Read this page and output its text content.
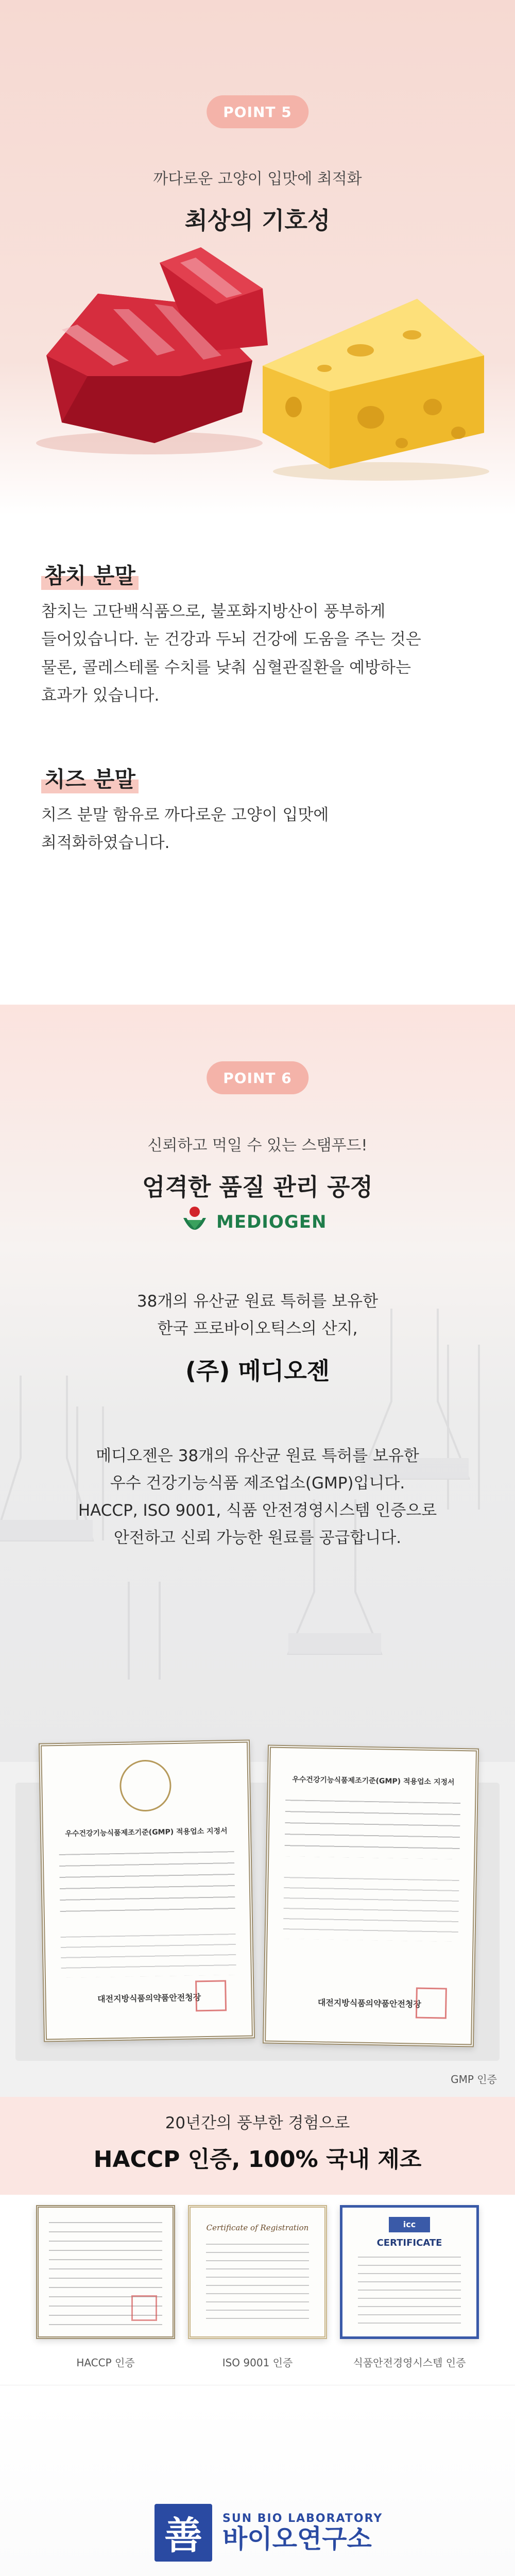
POINT 5
까다로운 고양이 입맛에 최적화
최상의 기호성
참치 분말
참치는 고단백식품으로, 불포화지방산이 풍부하게
들어있습니다. 눈 건강과 두뇌 건강에 도움을 주는 것은
물론, 콜레스테롤 수치를 낮춰 심혈관질환을 예방하는
효과가 있습니다.
치즈 분말
치즈 분말 함유로 까다로운 고양이 입맛에
최적화하였습니다.
POINT 6
신뢰하고 먹일 수 있는 스탬푸드!
엄격한 품질 관리 공정
MEDIOGEN
38개의 유산균 원료 특허를 보유한
한국 프로바이오틱스의 산지,
(주) 메디오젠
메디오젠은 38개의 유산균 원료 특허를 보유한
우수 건강기능식품 제조업소(GMP)입니다.
HACCP, ISO 9001, 식품 안전경영시스템 인증으로
안전하고 신뢰 가능한 원료를 공급합니다.
우수건강기능식품제조기준(GMP) 적용업소 지정서
대전지방식품의약품안전청장
우수건강기능식품제조기준(GMP) 적용업소 지정서
대전지방식품의약품안전청장
GMP 인증
20년간의 풍부한 경험으로
HACCP 인증, 100% 국내 제조
Certificate of Registration	icc
CERTIFICATE
HACCP 인증	ISO 9001 인증	식품안전경영시스템 인증
善	SUN BIO LABORATORY
바이오연구소
